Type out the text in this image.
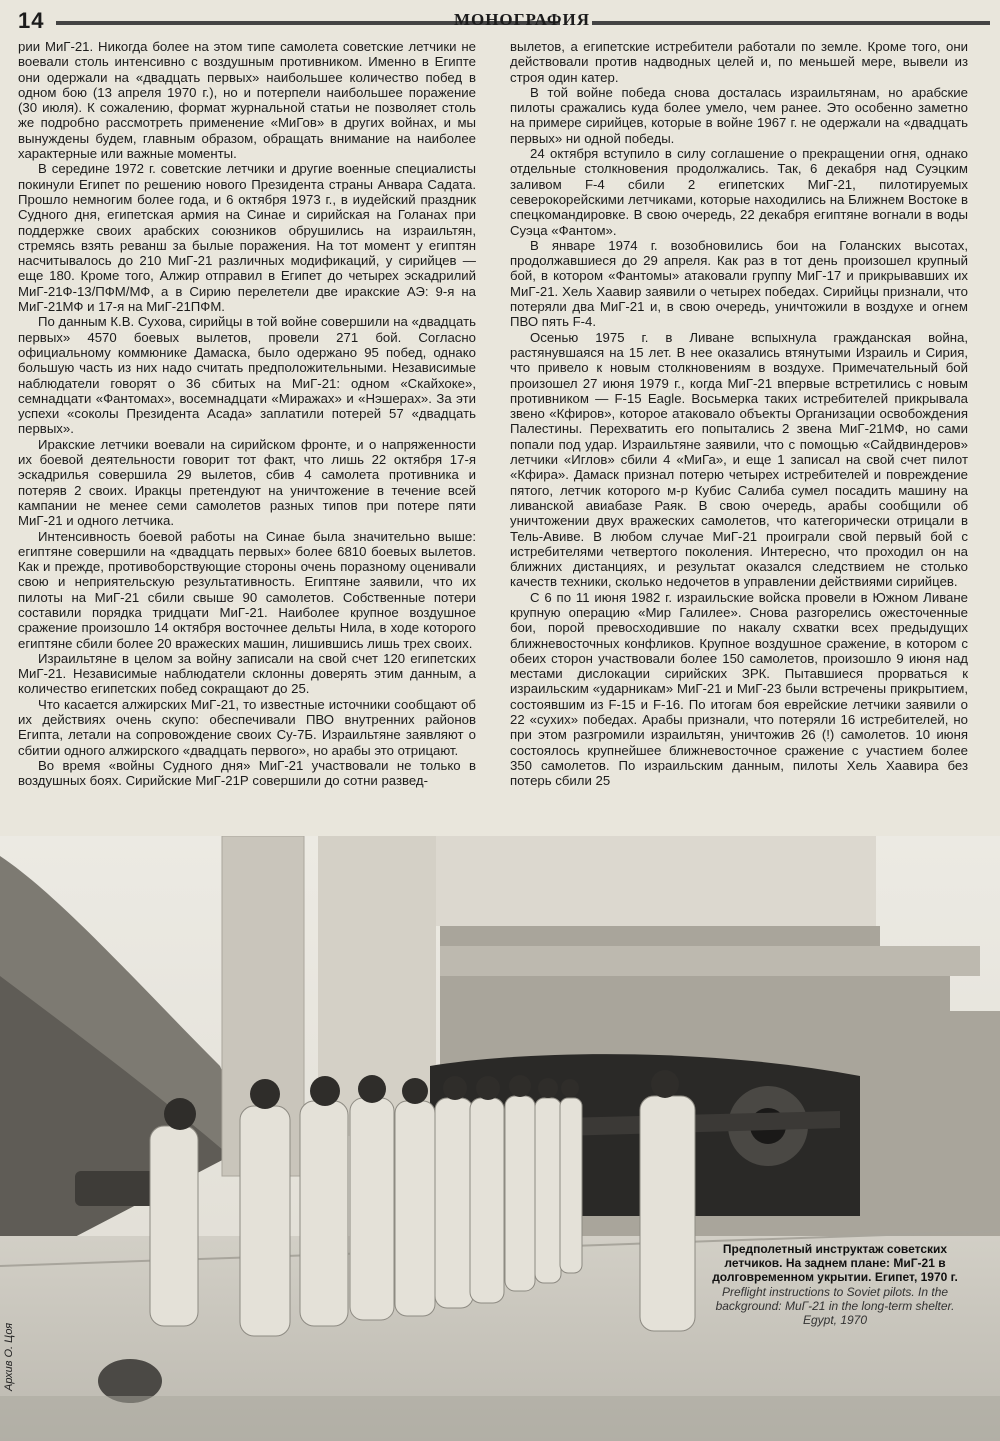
14	МОНОГРАФИЯ

рии МиГ-21. Никогда более на этом типе самолета советские летчики не воевали столь интенсивно с воздушным противником. Именно в Египте они одержали на «двадцать первых» наибольшее количество побед в одном бою (13 апреля 1970 г.), но и потерпели наибольшее поражение (30 июля). К сожалению, формат журнальной статьи не позволяет столь же подробно рассмотреть применение «МиГов» в других войнах, и мы вынуждены будем, главным образом, обращать внимание на наиболее характерные или важные моменты.

В середине 1972 г. советские летчики и другие военные специалисты покинули Египет по решению нового Президента страны Анвара Садата. Прошло немногим более года, и 6 октября 1973 г., в иудейский праздник Судного дня, египетская армия на Синае и сирийская на Голанах при поддержке своих арабских союзников обрушились на израильтян, стремясь взять реванш за былые поражения. На тот момент у египтян насчитывалось до 210 МиГ-21 различных модификаций, у сирийцев — еще 180. Кроме того, Алжир отправил в Египет до четырех эскадрилий МиГ-21Ф-13/ПФМ/МФ, а в Сирию перелетели две иракские АЭ: 9-я на МиГ-21МФ и 17-я на МиГ-21ПФМ.

По данным К.В. Сухова, сирийцы в той войне совершили на «двадцать первых» 4570 боевых вылетов, провели 271 бой. Согласно официальному коммюнике Дамаска, было одержано 95 побед, однако большую часть из них надо считать предположительными. Независимые наблюдатели говорят о 36 сбитых на МиГ-21: одном «Скайхоке», семнадцати «Фантомах», восемнадцати «Миражах» и «Нэшерах». За эти успехи «соколы Президента Асада» заплатили потерей 57 «двадцать первых».

Иракские летчики воевали на сирийском фронте, и о напряженности их боевой деятельности говорит тот факт, что лишь 22 октября 17-я эскадрилья совершила 29 вылетов, сбив 4 самолета противника и потеряв 2 своих. Иракцы претендуют на уничтожение в течение всей кампании не менее семи самолетов разных типов при потере пяти МиГ-21 и одного летчика.

Интенсивность боевой работы на Синае была значительно выше: египтяне совершили на «двадцать первых» более 6810 боевых вылетов. Как и прежде, противоборствующие стороны очень поразному оценивали свою и неприятельскую результативность. Египтяне заявили, что их пилоты на МиГ-21 сбили свыше 90 самолетов. Собственные потери составили порядка тридцати МиГ-21. Наиболее крупное воздушное сражение произошло 14 октября восточнее дельты Нила, в ходе которого египтяне сбили более 20 вражеских машин, лишившись лишь трех своих.

Израильтяне в целом за войну записали на свой счет 120 египетских МиГ-21. Независимые наблюдатели склонны доверять этим данным, а количество египетских побед сокращают до 25.

Что касается алжирских МиГ-21, то известные источники сообщают об их действиях очень скупо: обеспечивали ПВО внутренних районов Египта, летали на сопровождение своих Су-7Б. Израильтяне заявляют о сбитии одного алжирского «двадцать первого», но арабы это отрицают.

Во время «войны Судного дня» МиГ-21 участвовали не только в воздушных боях. Сирийские МиГ-21Р совершили до сотни развед-

вылетов, а египетские истребители работали по земле. Кроме того, они действовали против надводных целей и, по меньшей мере, вывели из строя один катер.

В той войне победа снова досталась израильтянам, но арабские пилоты сражались куда более умело, чем ранее. Это особенно заметно на примере сирийцев, которые в войне 1967 г. не одержали на «двадцать первых» ни одной победы.

24 октября вступило в силу соглашение о прекращении огня, однако отдельные столкновения продолжались. Так, 6 декабря над Суэцким заливом F-4 сбили 2 египетских МиГ-21, пилотируемых северокорейскими летчиками, которые находились на Ближнем Востоке в спецкомандировке. В свою очередь, 22 декабря египтяне вогнали в воды Суэца «Фантом».

В январе 1974 г. возобновились бои на Голанских высотах, продолжавшиеся до 29 апреля. Как раз в тот день произошел крупный бой, в котором «Фантомы» атаковали группу МиГ-17 и прикрывавших их МиГ-21. Хель Хаавир заявили о четырех победах. Сирийцы признали, что потеряли два МиГ-21 и, в свою очередь, уничтожили в воздухе и огнем ПВО пять F-4.

Осенью 1975 г. в Ливане вспыхнула гражданская война, растянувшаяся на 15 лет. В нее оказались втянутыми Израиль и Сирия, что привело к новым столкновениям в воздухе. Примечательный бой произошел 27 июня 1979 г., когда МиГ-21 впервые встретились с новым противником — F-15 Eagle. Восьмерка таких истребителей прикрывала звено «Кфиров», которое атаковало объекты Организации освобождения Палестины. Перехватить его попытались 2 звена МиГ-21МФ, но сами попали под удар. Израильтяне заявили, что с помощью «Сайдвиндеров» летчики «Иглов» сбили 4 «МиГа», и еще 1 записал на свой счет пилот «Кфира». Дамаск признал потерю четырех истребителей и повреждение пятого, летчик которого м-р Кубис Салиба сумел посадить машину на ливанской авиабазе Раяк. В свою очередь, арабы сообщили об уничтожении двух вражеских самолетов, что категорически отрицали в Тель-Авиве. В любом случае МиГ-21 проиграли свой первый бой с истребителями четвертого поколения. Интересно, что проходил он на ближних дистанциях, и результат оказался следствием не столько качеств техники, сколько недочетов в управлении действиями сирийцев.

С 6 по 11 июня 1982 г. израильские войска провели в Южном Ливане крупную операцию «Мир Галилее». Снова разгорелись ожесточенные бои, порой превосходившие по накалу схватки всех предыдущих ближневосточных конфликов. Крупное воздушное сражение, в котором с обеих сторон участвовали более 150 самолетов, произошло 9 июня над местами дислокации сирийских ЗРК. Пытавшиеся прорваться к израильским «ударникам» МиГ-21 и МиГ-23 были встречены прикрытием, состоявшим из F-15 и F-16. По итогам боя еврейские летчики заявили о 22 «сухих» победах. Арабы признали, что потеряли 16 истребителей, но при этом разгромили израильтян, уничтожив 26 (!) самолетов. 10 июня состоялось крупнейшее ближневосточное сражение с участием более 350 самолетов. По израильским данным, пилоты Хель Хаавира без потерь сбили 25

Архив О. Цоя
Предполетный инструктаж советских летчиков. На заднем плане: МиГ-21 в долговременном укрытии. Египет, 1970 г.
Preflight instructions to Soviet pilots. In the background: МиГ-21 in the long-term shelter. Egypt, 1970
